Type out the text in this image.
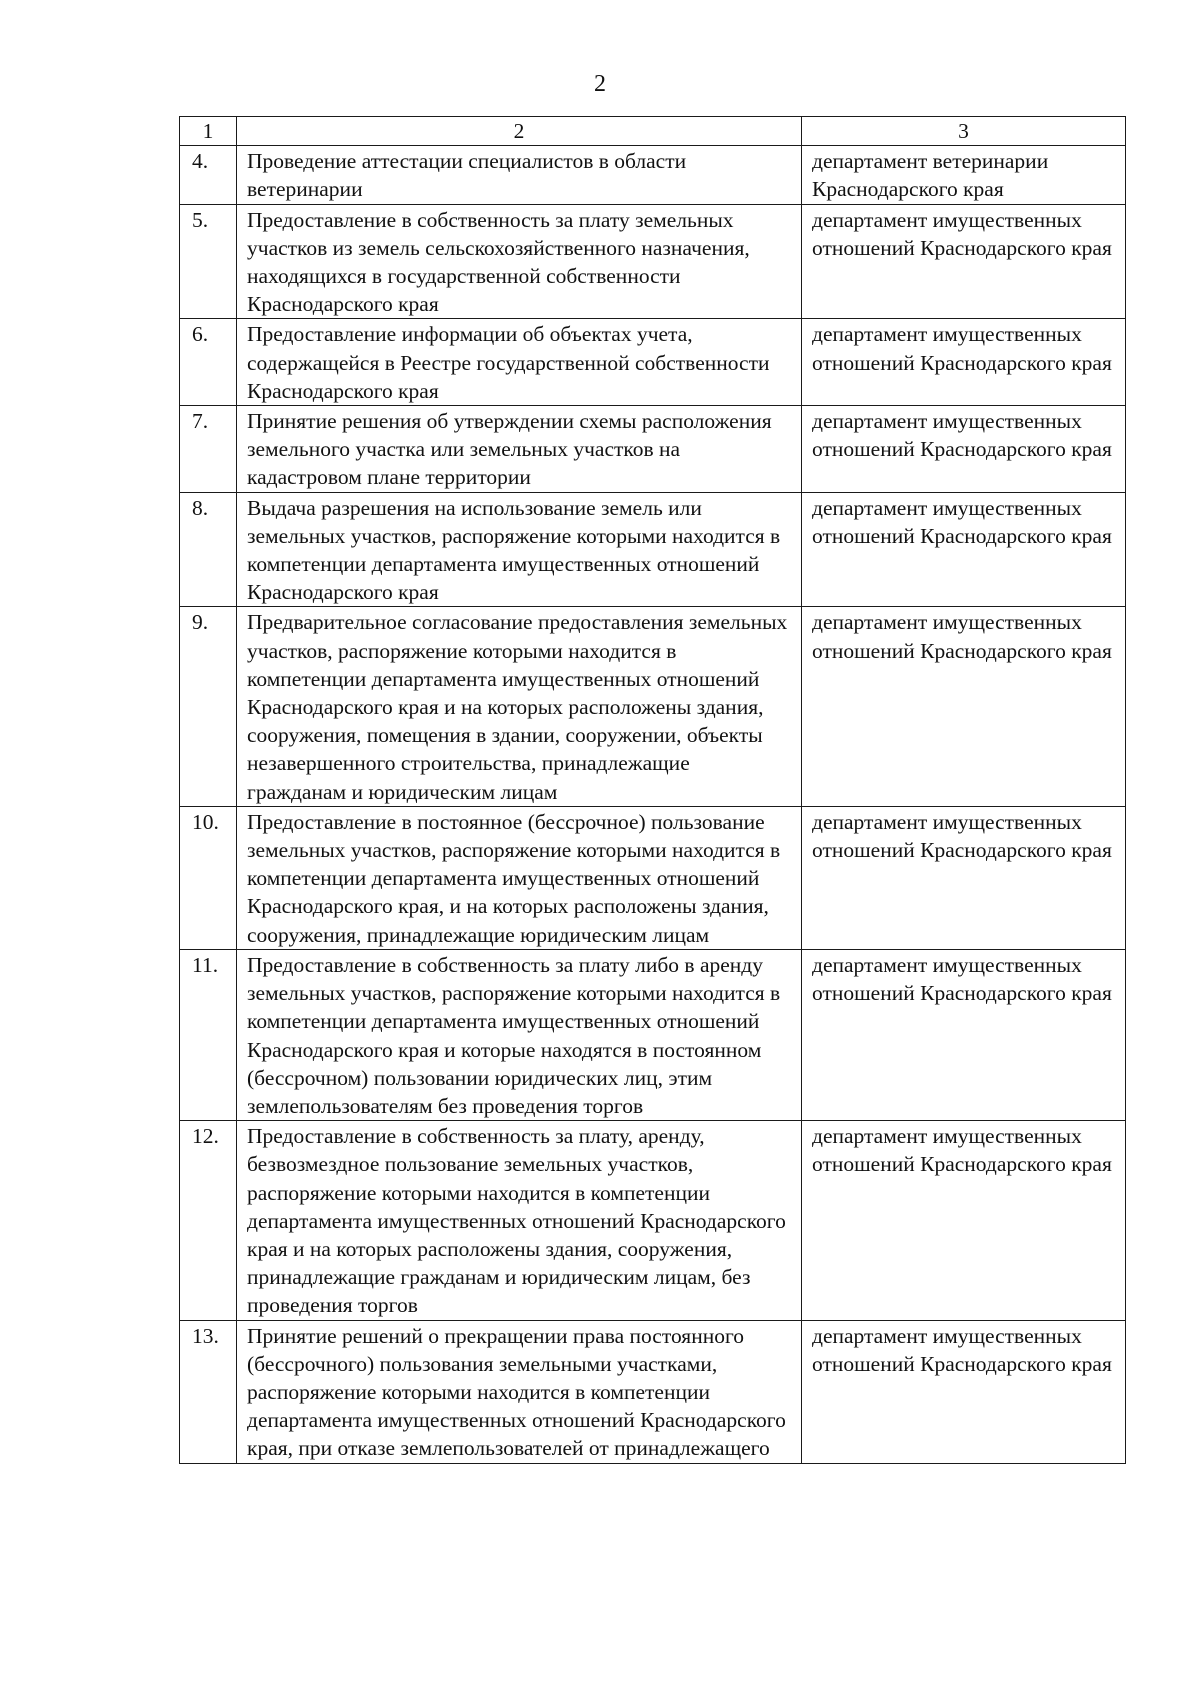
2
1	2	3
4.	Проведение аттестации специалистов в области ветеринарии	департамент ветеринарии Краснодарского края
5.	Предоставление в собственность за плату земельных участков из земель сельскохозяйственного назначения, находящихся в государственной собственности Краснодарского края	департамент имущественных отношений Краснодарского края
6.	Предоставление информации об объектах учета, содержащейся в Реестре государственной собственности Краснодарского края	департамент имущественных отношений Краснодарского края
7.	Принятие решения об утверждении схемы расположения земельного участка или земельных участков на кадастровом плане территории	департамент имущественных отношений Краснодарского края
8.	Выдача разрешения на использование земель или земельных участков, распоряжение которыми находится в компетенции департамента имущественных отношений Краснодарского края	департамент имущественных отношений Краснодарского края
9.	Предварительное согласование предоставления земельных участков, распоряжение которыми находится в компетенции департамента имущественных отношений Краснодарского края и на которых расположены здания, сооружения, помещения в здании, сооружении, объекты незавершенного строительства, принадлежащие гражданам и юридическим лицам	департамент имущественных отношений Краснодарского края
10.	Предоставление в постоянное (бессрочное) пользование земельных участков, распоряжение которыми находится в компетенции департамента имущественных отношений Краснодарского края, и на которых расположены здания, сооружения, принадлежащие юридическим лицам	департамент имущественных отношений Краснодарского края
11.	Предоставление в собственность за плату либо в аренду земельных участков, распоряжение которыми находится в компетенции департамента имущественных отношений Краснодарского края и которые находятся в постоянном (бессрочном) пользовании юридических лиц, этим землепользователям без проведения торгов	департамент имущественных отношений Краснодарского края
12.	Предоставление в собственность за плату, аренду, безвозмездное пользование земельных участков, распоряжение которыми находится в компетенции департамента имущественных отношений Краснодарского края и на которых расположены здания, сооружения, принадлежащие гражданам и юридическим лицам, без проведения торгов	департамент имущественных отношений Краснодарского края
13.	Принятие решений о прекращении права постоянного (бессрочного) пользования земельными участками, распоряжение которыми находится в компетенции департамента имущественных отношений Краснодарского края, при отказе землепользователей от принадлежащего	департамент имущественных отношений Краснодарского края
